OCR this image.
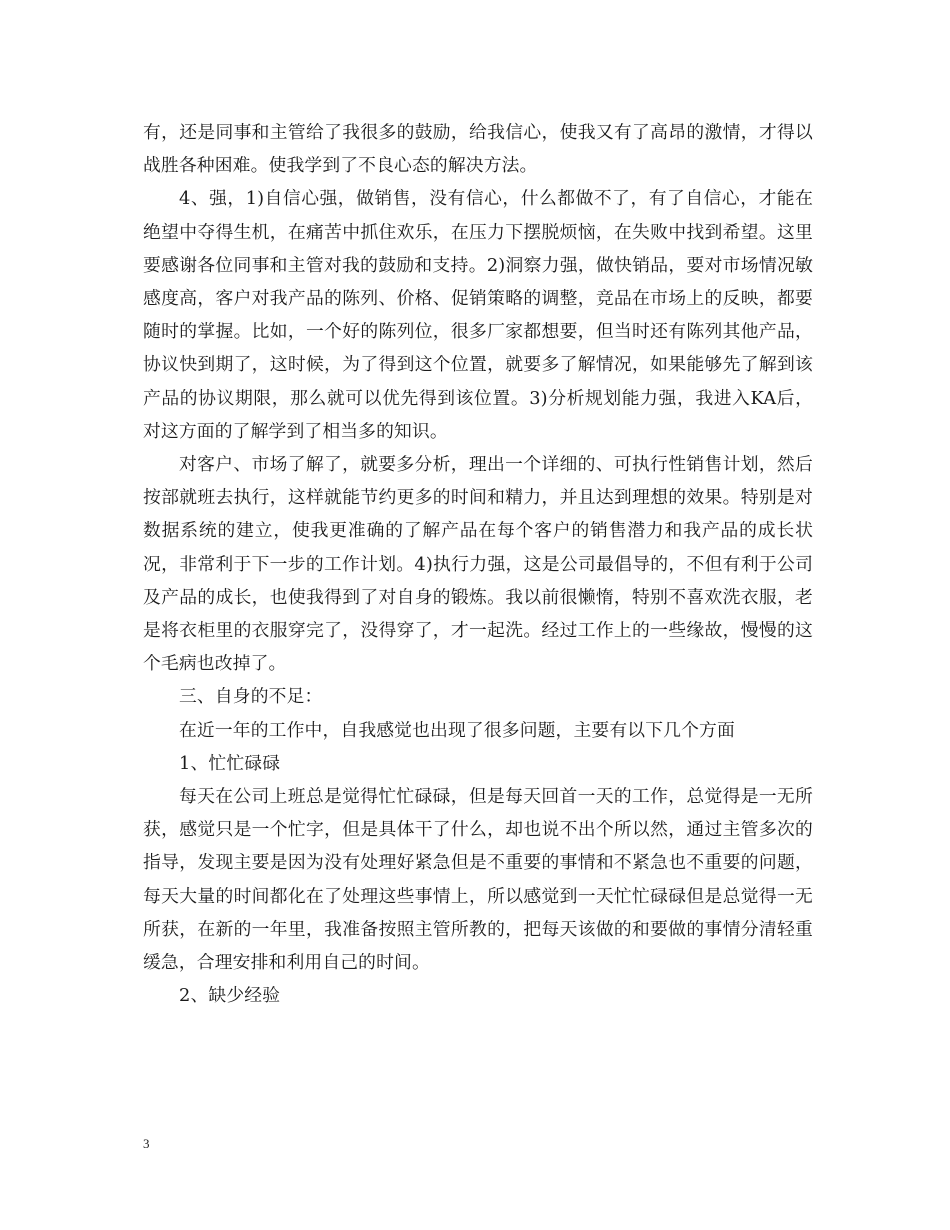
有，还是同事和主管给了我很多的鼓励，给我信心，使我又有了高昂的激情，才得以战胜各种困难。使我学到了不良心态的解决方法。

4、强，1)自信心强，做销售，没有信心，什么都做不了，有了自信心，才能在绝望中夺得生机，在痛苦中抓住欢乐，在压力下摆脱烦恼，在失败中找到希望。这里要感谢各位同事和主管对我的鼓励和支持。2)洞察力强，做快销品，要对市场情况敏感度高，客户对我产品的陈列、价格、促销策略的调整，竞品在市场上的反映，都要随时的掌握。比如，一个好的陈列位，很多厂家都想要，但当时还有陈列其他产品，协议快到期了，这时候，为了得到这个位置，就要多了解情况，如果能够先了解到该产品的协议期限，那么就可以优先得到该位置。3)分析规划能力强，我进入KA后，对这方面的了解学到了相当多的知识。

对客户、市场了解了，就要多分析，理出一个详细的、可执行性销售计划，然后按部就班去执行，这样就能节约更多的时间和精力，并且达到理想的效果。特别是对数据系统的建立，使我更准确的了解产品在每个客户的销售潜力和我产品的成长状况，非常利于下一步的工作计划。4)执行力强，这是公司最倡导的，不但有利于公司及产品的成长，也使我得到了对自身的锻炼。我以前很懒惰，特别不喜欢洗衣服，老是将衣柜里的衣服穿完了，没得穿了，才一起洗。经过工作上的一些缘故，慢慢的这个毛病也改掉了。

三、自身的不足：

在近一年的工作中，自我感觉也出现了很多问题，主要有以下几个方面

1、忙忙碌碌

每天在公司上班总是觉得忙忙碌碌，但是每天回首一天的工作，总觉得是一无所获，感觉只是一个忙字，但是具体干了什么，却也说不出个所以然，通过主管多次的指导，发现主要是因为没有处理好紧急但是不重要的事情和不紧急也不重要的问题，每天大量的时间都化在了处理这些事情上，所以感觉到一天忙忙碌碌但是总觉得一无所获，在新的一年里，我准备按照主管所教的，把每天该做的和要做的事情分清轻重缓急，合理安排和利用自己的时间。

2、缺少经验

3
